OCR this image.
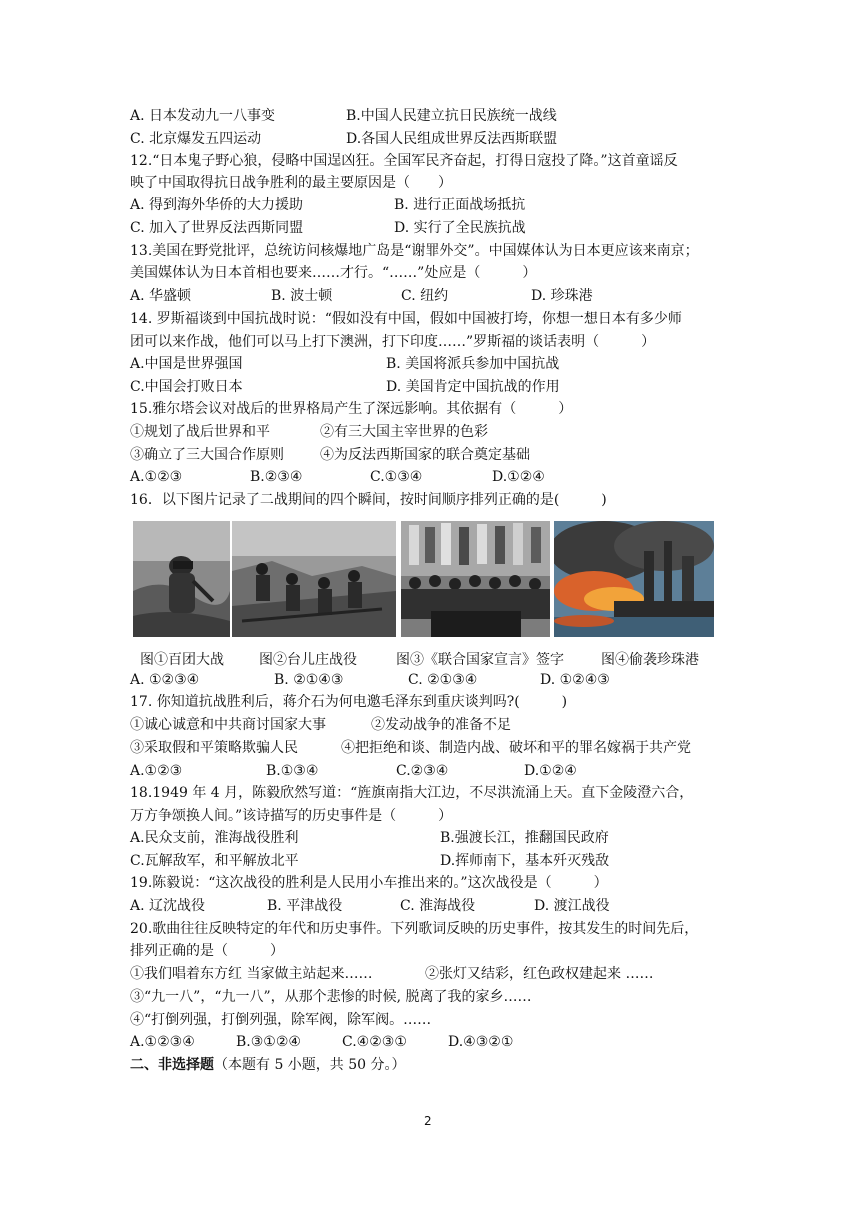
A. 日本发动九一八事变	B.中国人民建立抗日民族统一战线
C. 北京爆发五四运动	D.各国人民组成世界反法西斯联盟
12.“日本鬼子野心狼，侵略中国逞凶狂。全国军民齐奋起，打得日寇投了降。”这首童谣反
映了中国取得抗日战争胜利的最主要原因是（　　）
A. 得到海外华侨的大力援助	B. 进行正面战场抵抗
C. 加入了世界反法西斯同盟	D. 实行了全民族抗战
13.美国在野党批评，总统访问核爆地广岛是“谢罪外交”。中国媒体认为日本更应该来南京；
美国媒体认为日本首相也要来……才行。“……”处应是（　　　）
A. 华盛顿	B. 波士顿	C. 纽约	D. 珍珠港
14. 罗斯福谈到中国抗战时说：“假如没有中国，假如中国被打垮，你想一想日本有多少师
团可以来作战，他们可以马上打下澳洲，打下印度……”罗斯福的谈话表明（　　　）
A.中国是世界强国	B. 美国将派兵参加中国抗战
C.中国会打败日本	D. 美国肯定中国抗战的作用
15.雅尔塔会议对战后的世界格局产生了深远影响。其依据有（　　　）
①规划了战后世界和平	②有三大国主宰世界的色彩
③确立了三大国合作原则	④为反法西斯国家的联合奠定基础
A.①②③	B.②③④	C.①③④	D.①②④
16．以下图片记录了二战期间的四个瞬间，按时间顺序排列正确的是(　　　)
图①百团大战	图②台儿庄战役	图③《联合国家宣言》签字	图④偷袭珍珠港
A. ①②③④	B. ②①④③	C. ②①③④	D. ①②④③
17. 你知道抗战胜利后，蒋介石为何电邀毛泽东到重庆谈判吗?(　　　)
①诚心诚意和中共商讨国家大事	②发动战争的准备不足
③采取假和平策略欺骗人民	④把拒绝和谈、制造内战、破坏和平的罪名嫁祸于共产党
A.①②③	B.①③④	C.②③④	D.①②④
18.1949 年 4 月，陈毅欣然写道：“旌旗南指大江边，不尽洪流涌上天。直下金陵澄六合，
万方争颂换人间。”该诗描写的历史事件是（　　　）
A.民众支前，淮海战役胜利	B.强渡长江，推翻国民政府
C.瓦解敌军，和平解放北平	D.挥师南下，基本歼灭残敌
19.陈毅说：“这次战役的胜利是人民用小车推出来的。”这次战役是（　　　）
A. 辽沈战役	B. 平津战役	C. 淮海战役	D. 渡江战役
20.歌曲往往反映特定的年代和历史事件。下列歌词反映的历史事件，按其发生的时间先后，
排列正确的是（　　　）
①我们唱着东方红 当家做主站起来……	②张灯又结彩，红色政权建起来 ……
③“九一八”，“九一八”，从那个悲惨的时候, 脱离了我的家乡……
④“打倒列强，打倒列强，除军阀，除军阀。……
A.①②③④	B.③①②④	C.④②③①	D.④③②①
二、非选择题（本题有 5 小题，共 50 分。）
2
